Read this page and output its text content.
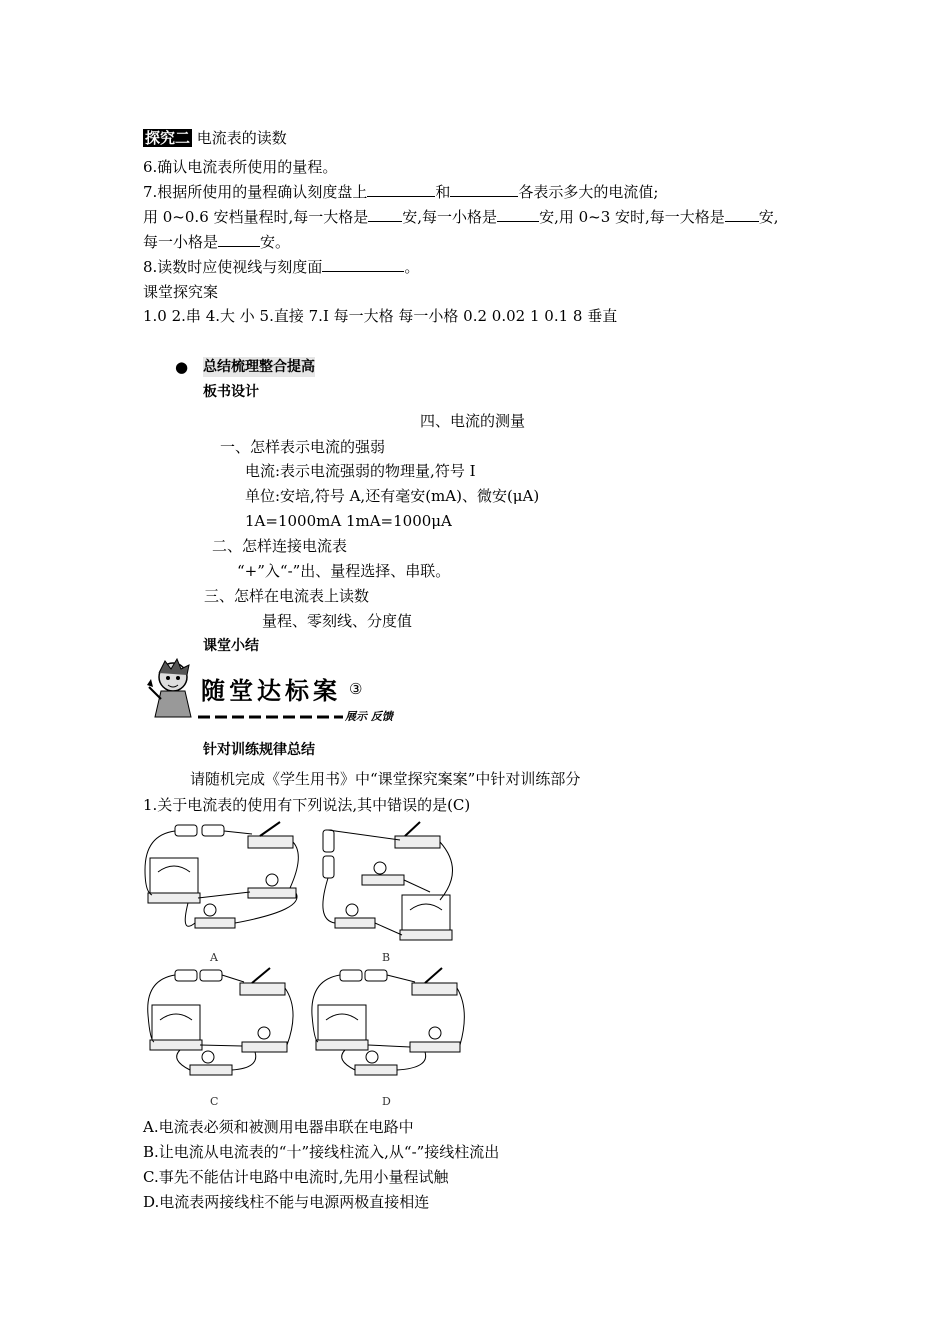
探究二 电流表的读数
6.确认电流表所使用的量程。
7.根据所使用的量程确认刻度盘上	和	各表示多大的电流值;
用 0~0.6 安档量程时,每一大格是 安,每一小格是	安,用 0~3 安时,每一大格是 安,
每一小格是	安。
8.读数时应使视线与刻度面	。
课堂探究案
1.0 2.串 4.大 小 5.直接 7.I 每一大格 每一小格 0.2 0.02 1 0.1 8 垂直
● 总结梳理整合提高
板书设计
四、电流的测量
一、怎样表示电流的强弱
电流:表示电流强弱的物理量,符号 I
单位:安培,符号 A,还有毫安(mA)、微安(μA)
1A=1000mA 1mA=1000μA
二、怎样连接电流表
“+”入“-”出、量程选择、串联。
三、怎样在电流表上读数
量程、零刻线、分度值
课堂小结
随堂达标案 ③
展示 反馈
针对训练规律总结
请随机完成《学生用书》中“课堂探究案案”中针对训练部分
1.关于电流表的使用有下列说法,其中错误的是(C)
A	B
C	D
A.电流表必须和被测用电器串联在电路中
B.让电流从电流表的“十”接线柱流入,从“-”接线柱流出
C.事先不能估计电路中电流时,先用小量程试触
D.电流表两接线柱不能与电源两极直接相连
